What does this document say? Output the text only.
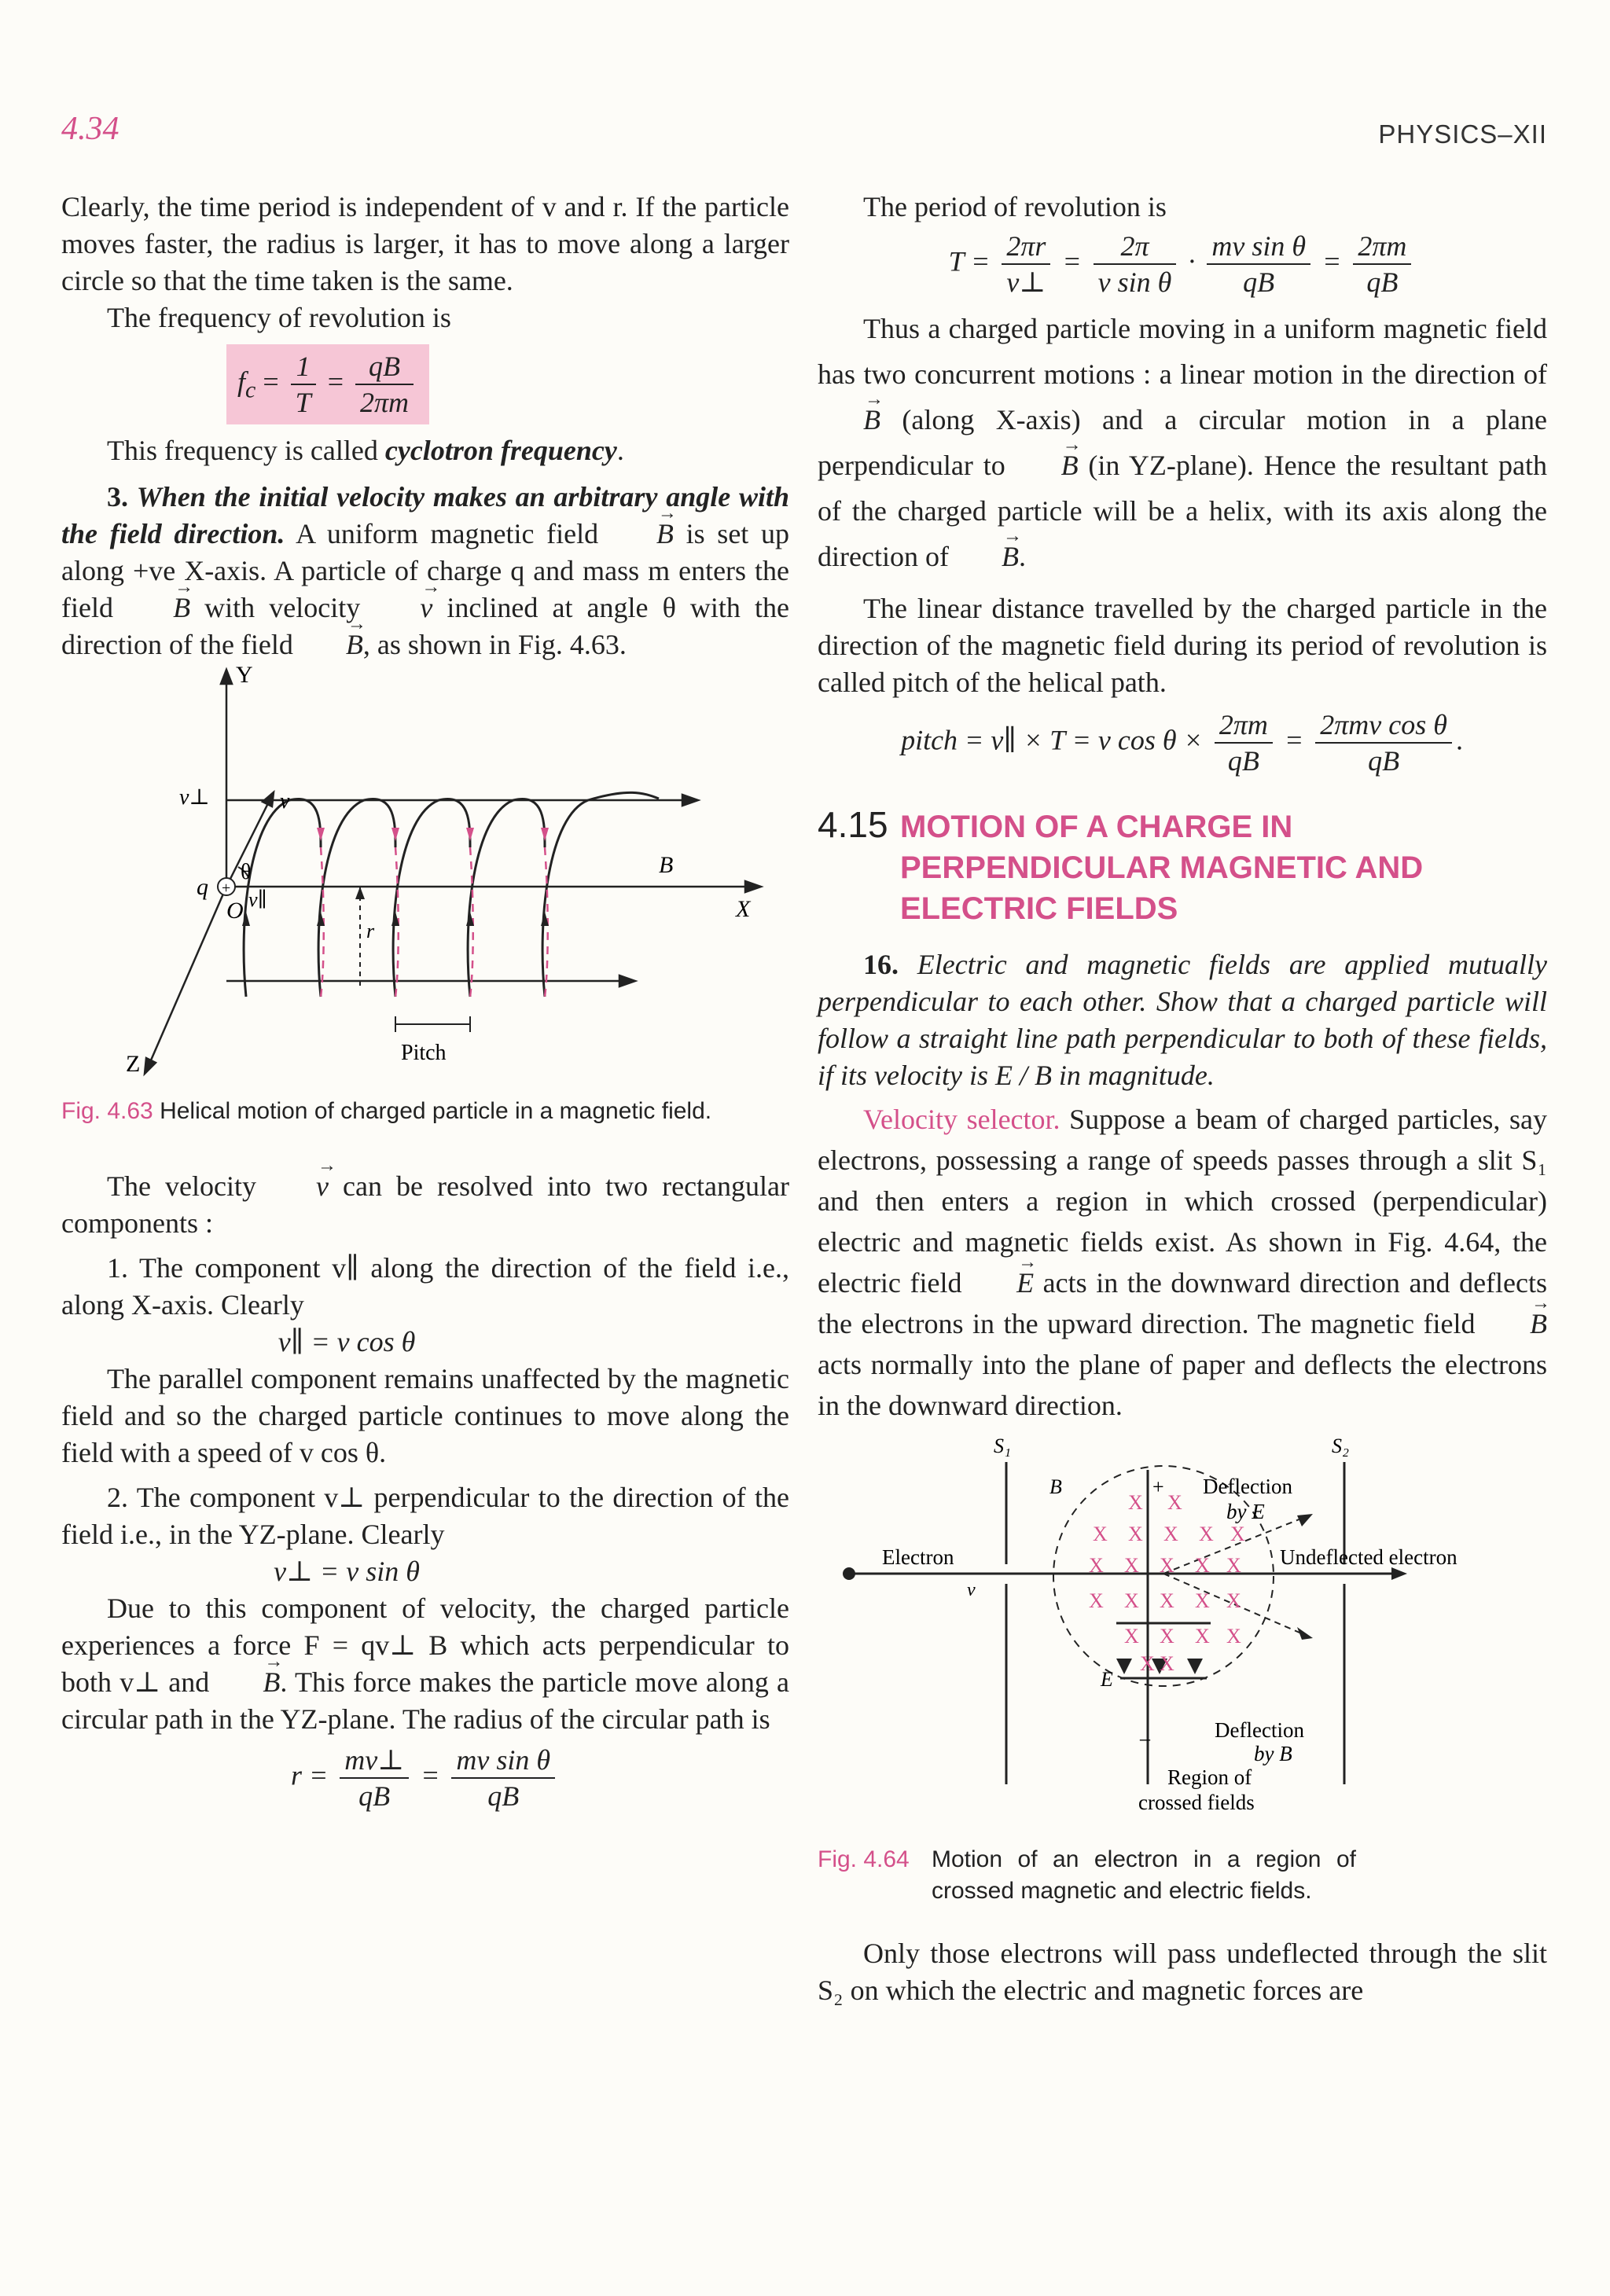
4.34	PHYSICS–XII

Clearly, the time period is independent of v and r. If the particle moves faster, the radius is larger, it has to move along a larger circle so that the time taken is the same.

The frequency of revolution is

$f_c = \frac{1}{T} = \frac{qB}{2\pi m}$

This frequency is called cyclotron frequency.

3. When the initial velocity makes an arbitrary angle with the field direction. A uniform magnetic field → B is set up along +ve X-axis. A particle of charge q and mass m enters the field → B with velocity → v inclined at angle θ with the direction of the field → B, as shown in Fig. 4.63.

+
Y
X
Z
B
O
q
θ
v
v⊥
v∥
r
Pitch
Fig. 4.63 Helical motion of charged particle in a magnetic field.

The velocity → v can be resolved into two rectangular components :

1. The component v∥ along the direction of the field i.e., along X-axis. Clearly

v∥ = v cos θ

The parallel component remains unaffected by the magnetic field and so the charged particle continues to move along the field with a speed of v cos θ.

2. The component v⊥ perpendicular to the direction of the field i.e., in the YZ-plane. Clearly

v⊥ = v sin θ

Due to this component of velocity, the charged particle experiences a force F = qv⊥ B which acts perpendicular to both v⊥ and → B. This force makes the particle move along a circular path in the YZ-plane. The radius of the circular path is

$r = \frac{mv\perp}{qB} = \frac{\text{mv sin θ}}{qB}$

The period of revolution is

$T = \frac{2\pi r}{v\perp} = \frac{2\pi}{\text{v sin θ}} \cdot \frac{\text{mv sin θ}}{qB} = \frac{2\pi m}{qB}$

Thus a charged particle moving in a uniform magnetic field has two concurrent motions : a linear motion in the direction of → B (along X-axis) and a circular motion in a plane perpendicular to → B (in YZ-plane). Hence the resultant path of the charged particle will be a helix, with its axis along the direction of → B.

The linear distance travelled by the charged particle in the direction of the magnetic field during its period of revolution is called pitch of the helical path.

pitch = v∥ × T = v $\cos \theta \times \frac{2\pi m}{qB} = \frac{\text{2πmv cos θ}}{qB}$ .
4.15 MOTION OF A CHARGE IN PERPENDICULAR MAGNETIC AND ELECTRIC FIELDS

16. Electric and magnetic fields are applied mutually perpendicular to each other. Show that a charged particle will follow a straight line path perpendicular to both of these fields, if its velocity is E / B in magnitude.

Velocity selector. Suppose a beam of charged particles, say electrons, possessing a range of speeds passes through a slit S₁ and then enters a region in which crossed (perpendicular) electric and magnetic fields exist. As shown in Fig. 4.64, the electric field → E acts in the downward direction and deflects the electrons in the upward direction. The magnetic field → B acts normally into the plane of paper and deflects the electrons in the downward direction.

X X
X X X X X
X X X X X
X X X X X
X X X X
X X
S₁	S₂
B
E
+
–
Electron
v
Deflection
by E
Undeflected electron
Deflection
by B
Region of
crossed fields
Fig. 4.64 Motion of an electron in a region of crossed magnetic and electric fields.

Only those electrons will pass undeflected through the slit S₂ on which the electric and magnetic forces are
